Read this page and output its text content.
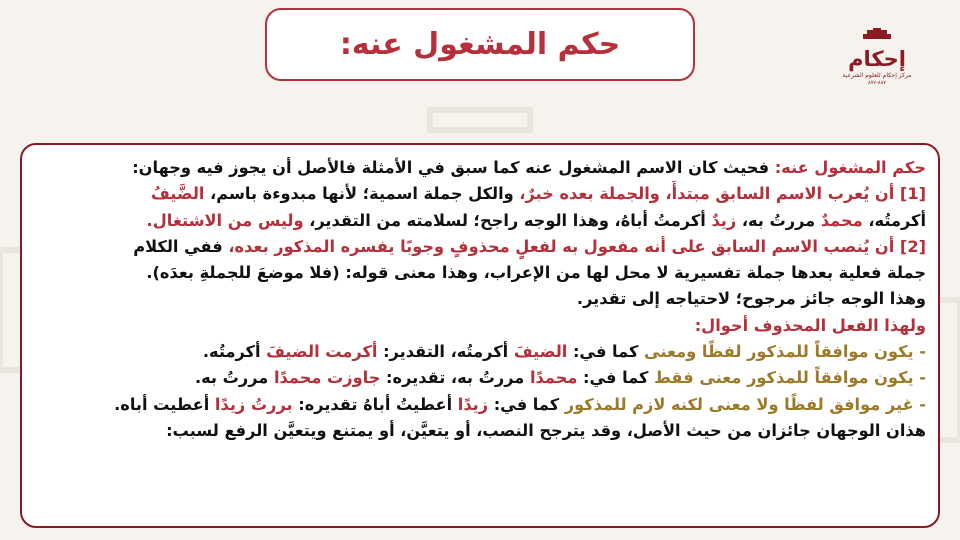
حكم المشغول عنه:	إحكام
مركز إحكام للعلوم الشرعية
٨٨٧-٨٧٧
حكم المشغول عنه: فحيث كان الاسم المشغول عنه كما سبق في الأمثلة فالأصل أن يجوز فيه وجهان:
[1] أن يُعرب الاسم السابق مبتدأً، والجملة بعده خبرٌ، والكل جملة اسمية؛ لأنها مبدوءة باسم، الضَّيفُ
أكرمتُه، محمدٌ مررتُ به، زيدٌ أكرمتُ أباهُ، وهذا الوجه راجح؛ لسلامته من التقدير، وليس من الاشتغال.
[2] أن يُنصب الاسم السابق على أنه مفعول به لفعلٍ محذوفٍ وجوبًا يفسره المذكور بعده، ففي الكلام
جملة فعلية بعدها جملة تفسيرية لا محل لها من الإعراب، وهذا معنى قوله: (فلا موضعَ للجملةِ بعدَه).
وهذا الوجه جائز مرجوح؛ لاحتياجه إلى تقدير.
ولهذا الفعل المحذوف أحوال:
- يكون موافقاً للمذكور لفظًا ومعنى كما في: الضيفَ أكرمتُه، التقدير: أكرمت الضيفَ أكرمتُه.
- يكون موافقاً للمذكور معنى فقط كما في: محمدًا مررتُ به، تقديره: جاوزت محمدًا مررتُ به.
- غير موافق لفظًا ولا معنى لكنه لازم للمذكور كما في: زيدًا أعطيتُ أباهُ تقديره: بررتُ زيدًا أعطيت أباه.
هذان الوجهان جائزان من حيث الأصل، وقد يترجح النصب، أو يتعيَّن، أو يمتنع ويتعيَّن الرفع لسبب:
